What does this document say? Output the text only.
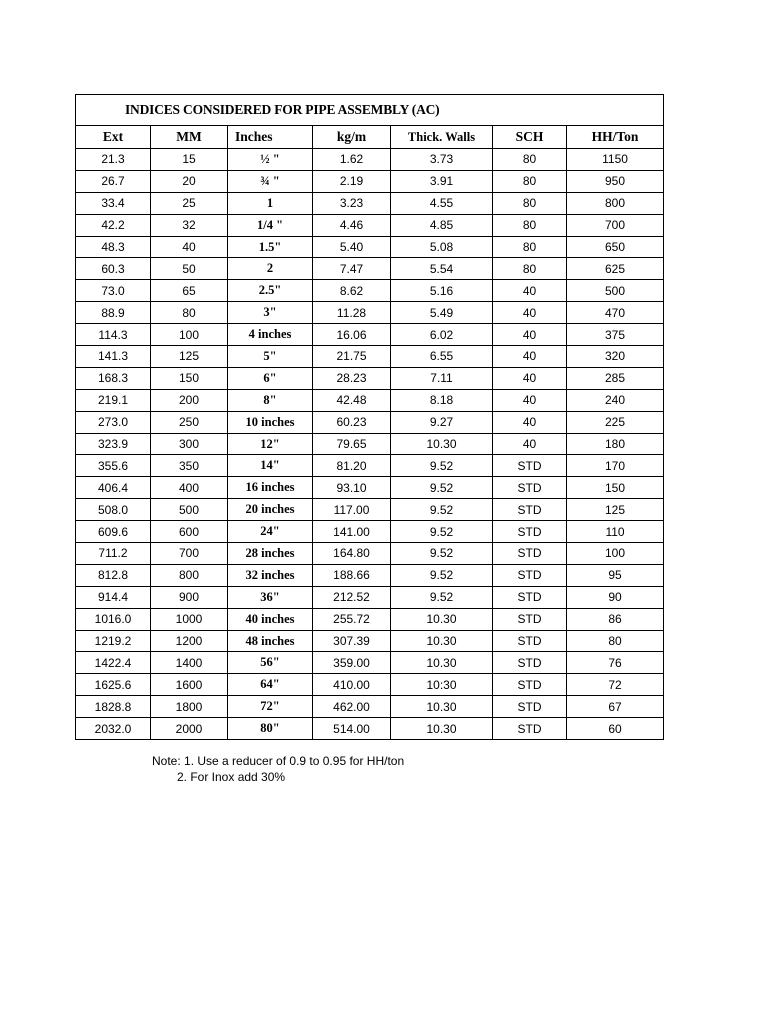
INDICES CONSIDERED FOR PIPE ASSEMBLY (AC)						
Ext	MM	Inches	kg/m	Thick. Walls	SCH	HH/Ton
21.3	15	½ "	1.62	3.73	80	1150
26.7	20	¾ "	2.19	3.91	80	950
33.4	25	1	3.23	4.55	80	800
42.2	32	1/4 "	4.46	4.85	80	700
48.3	40	1.5"	5.40	5.08	80	650
60.3	50	2	7.47	5.54	80	625
73.0	65	2.5"	8.62	5.16	40	500
88.9	80	3"	11.28	5.49	40	470
114.3	100	4 inches	16.06	6.02	40	375
141.3	125	5"	21.75	6.55	40	320
168.3	150	6"	28.23	7.11	40	285
219.1	200	8"	42.48	8.18	40	240
273.0	250	10 inches	60.23	9.27	40	225
323.9	300	12"	79.65	10.30	40	180
355.6	350	14"	81.20	9.52	STD	170
406.4	400	16 inches	93.10	9.52	STD	150
508.0	500	20 inches	117.00	9.52	STD	125
609.6	600	24"	141.00	9.52	STD	110
711.2	700	28 inches	164.80	9.52	STD	100
812.8	800	32 inches	188.66	9.52	STD	95
914.4	900	36"	212.52	9.52	STD	90
1016.0	1000	40 inches	255.72	10.30	STD	86
1219.2	1200	48 inches	307.39	10.30	STD	80
1422.4	1400	56"	359.00	10.30	STD	76
1625.6	1600	64"	410.00	10:30	STD	72
1828.8	1800	72"	462.00	10.30	STD	67
2032.0	2000	80"	514.00	10.30	STD	60
Note: 1. Use a reducer of 0.9 to 0.95 for HH/ton
2. For Inox add 30%
